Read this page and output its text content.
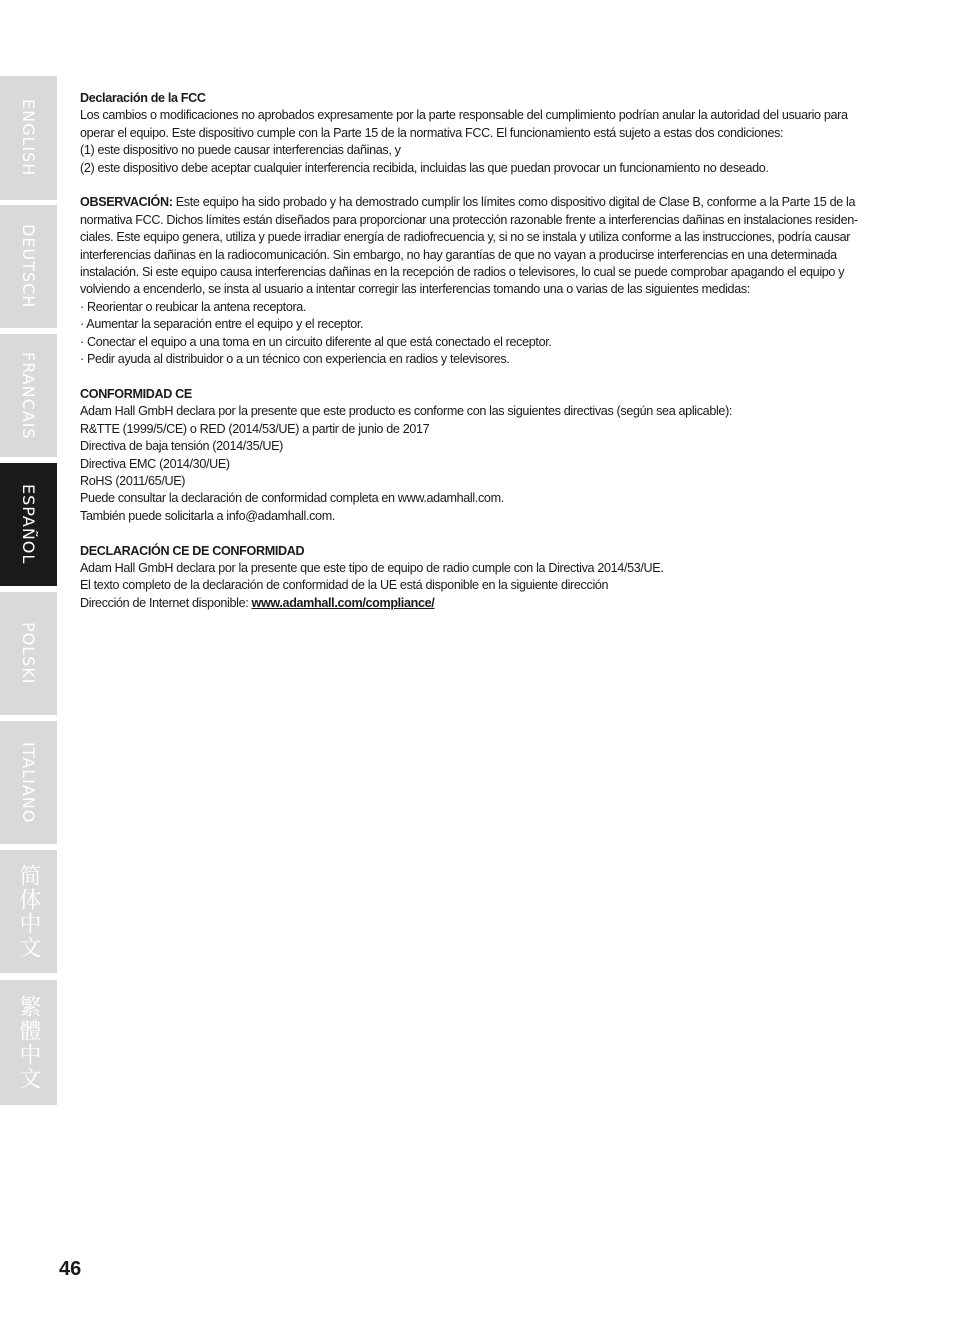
ENGLISH
DEUTSCH
FRANCAIS
ESPAÑOL
POLSKI
ITALIANO
简体中文
繁體中文

Declaración de la FCC

Los cambios o modificaciones no aprobados expresamente por la parte responsable del cumplimiento podrían anular la autoridad del usuario para

operar el equipo. Este dispositivo cumple con la Parte 15 de la normativa FCC. El funcionamiento está sujeto a estas dos condiciones:

(1) este dispositivo no puede causar interferencias dañinas, y

(2) este dispositivo debe aceptar cualquier interferencia recibida, incluidas las que puedan provocar un funcionamiento no deseado.

OBSERVACIÓN: Este equipo ha sido probado y ha demostrado cumplir los límites como dispositivo digital de Clase B, conforme a la Parte 15 de la

normativa FCC. Dichos límites están diseñados para proporcionar una protección razonable frente a interferencias dañinas en instalaciones residen-

ciales. Este equipo genera, utiliza y puede irradiar energía de radiofrecuencia y, si no se instala y utiliza conforme a las instrucciones, podría causar

interferencias dañinas en la radiocomunicación. Sin embargo, no hay garantías de que no vayan a producirse interferencias en una determinada

instalación. Si este equipo causa interferencias dañinas en la recepción de radios o televisores, lo cual se puede comprobar apagando el equipo y

volviendo a encenderlo, se insta al usuario a intentar corregir las interferencias tomando una o varias de las siguientes medidas:

· Reorientar o reubicar la antena receptora.

· Aumentar la separación entre el equipo y el receptor.

· Conectar el equipo a una toma en un circuito diferente al que está conectado el receptor.

· Pedir ayuda al distribuidor o a un técnico con experiencia en radios y televisores.

CONFORMIDAD CE

Adam Hall GmbH declara por la presente que este producto es conforme con las siguientes directivas (según sea aplicable):

R&TTE (1999/5/CE) o RED (2014/53/UE) a partir de junio de 2017

Directiva de baja tensión (2014/35/UE)

Directiva EMC (2014/30/UE)

RoHS (2011/65/UE)

Puede consultar la declaración de conformidad completa en www.adamhall.com.

También puede solicitarla a info@adamhall.com.

DECLARACIÓN CE DE CONFORMIDAD

Adam Hall GmbH declara por la presente que este tipo de equipo de radio cumple con la Directiva 2014/53/UE.

El texto completo de la declaración de conformidad de la UE está disponible en la siguiente dirección

Dirección de Internet disponible: www.adamhall.com/compliance/

46
